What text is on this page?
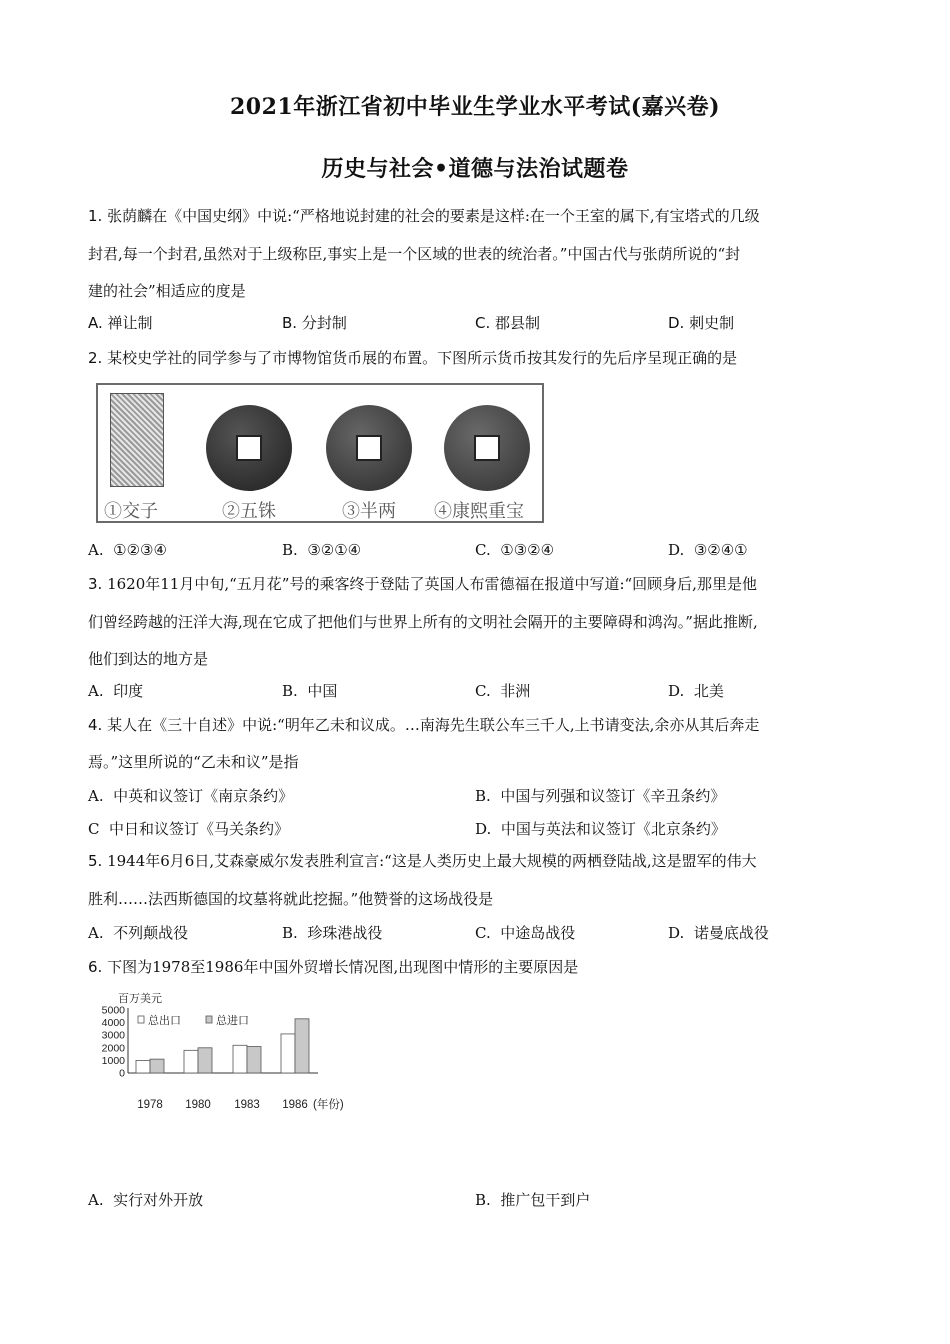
2021年浙江省初中毕业生学业水平考试(嘉兴卷)
历史与社会•道德与法治试题卷
1. 张荫麟在《中国史纲》中说:“严格地说封建的社会的要素是这样:在一个王室的属下,有宝塔式的几级
封君,每一个封君,虽然对于上级称臣,事实上是一个区域的世表的统治者。”中国古代与张荫所说的“封
建的社会”相适应的度是
A. 禅让制	B. 分封制	C. 郡县制	D. 刺史制
2. 某校史学社的同学参与了市博物馆货币展的布置。下图所示货币按其发行的先后序呈现正确的是
①交子	②五铢	③半两 ④康熙重宝
A. ①②③④	B. ③②①④	C. ①③②④	D. ③②④①
3. 1620年11月中旬,“五月花”号的乘客终于登陆了英国人布雷德福在报道中写道:“回顾身后,那里是他
们曾经跨越的汪洋大海,现在它成了把他们与世界上所有的文明社会隔开的主要障碍和鸿沟。”据此推断,
他们到达的地方是
A. 印度	B. 中国	C. 非洲	D. 北美
4. 某人在《三十自述》中说:“明年乙未和议成。…南海先生联公车三千人,上书请变法,余亦从其后奔走
焉。”这里所说的“乙未和议”是指
A. 中英和议签订《南京条约》	B. 中国与列强和议签订《辛丑条约》
C 中日和议签订《马关条约》	D. 中国与英法和议签订《北京条约》
5. 1944年6月6日,艾森豪威尔发表胜利宣言:“这是人类历史上最大规模的两栖登陆战,这是盟军的伟大
胜利……法西斯德国的坟墓将就此挖掘。”他赞誉的这场战役是
A. 不列颠战役	B. 珍珠港战役	C. 中途岛战役	D. 诺曼底战役
6. 下图为1978至1986年中国外贸增长情况图,出现图中情形的主要原因是
百万美元
5000
4000
3000
2000
1000
0
总出口	总进口
1978 1980 1983 1986 (年份)
A. 实行对外开放	B. 推广包干到户
